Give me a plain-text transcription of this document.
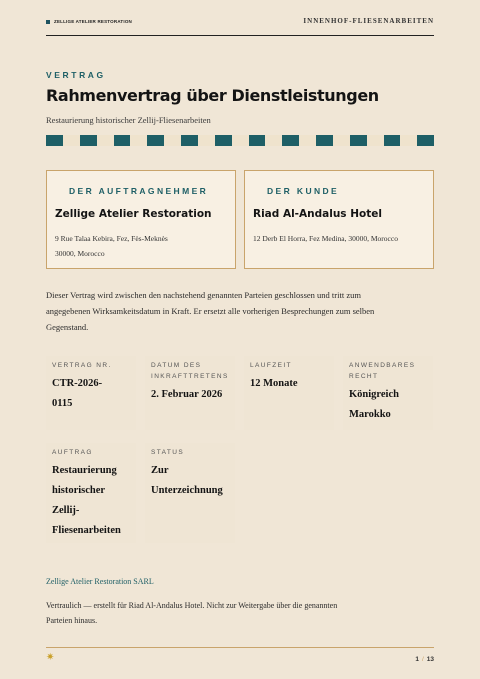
ZELLIGE ATELIER RESTORATION	INNENHOF-FLIESENARBEITEN
VERTRAG
Rahmenvertrag über Dienstleistungen
Restaurierung historischer Zellij-Fliesenarbeiten
DER AUFTRAGNEHMER
Zellige Atelier Restoration
9 Rue Talaa Kebira, Fez, Fès-Meknès
30000, Morocco
DER KUNDE
Riad Al-Andalus Hotel
12 Derb El Horra, Fez Medina, 30000, Morocco

Dieser Vertrag wird zwischen den nachstehend genannten Parteien geschlossen und tritt zum angegebenen Wirksamkeitsdatum in Kraft. Er ersetzt alle vorherigen Besprechungen zum selben Gegenstand.

VERTRAG NR.
CTR-2026-0115
DATUM DES INKRAFTTRETENS
2. Februar 2026
LAUFZEIT
12 Monate
ANWENDBARES RECHT
Königreich Marokko
AUFTRAG
Restaurierung historischer Zellij-Fliesenarbeiten
STATUS
Zur Unterzeichnung
Zellige Atelier Restoration SARL

Vertraulich — erstellt für Riad Al-Andalus Hotel. Nicht zur Weitergabe über die genannten Parteien hinaus.

✷	1 / 13
